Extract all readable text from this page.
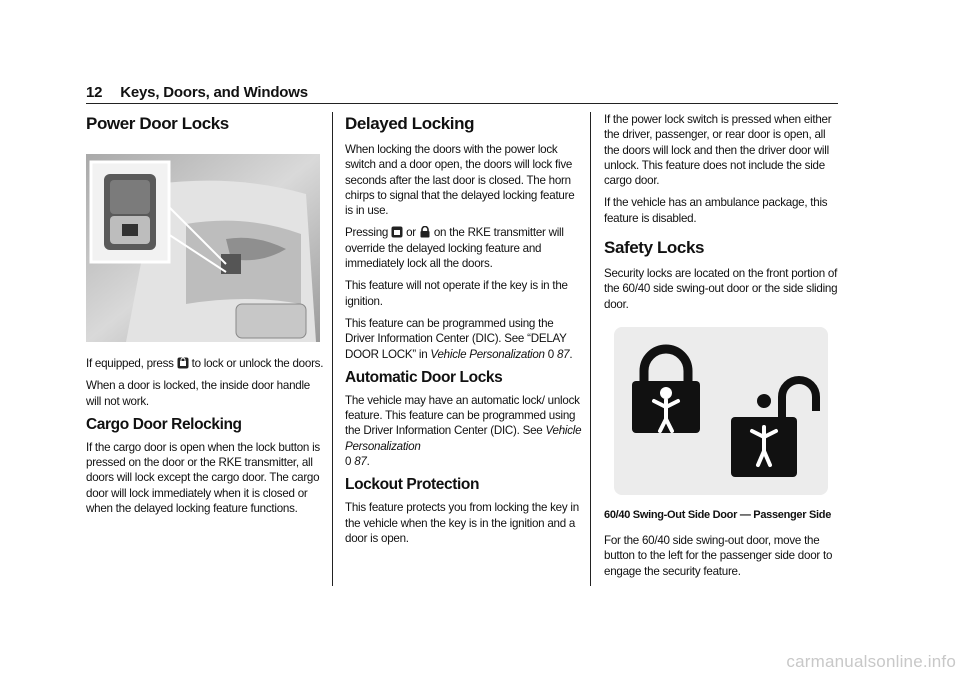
12 Keys, Doors, and Windows
Power Door Locks

If equipped, press to lock or unlock the doors.

When a door is locked, the inside door handle will not work.

Cargo Door Relocking

If the cargo door is open when the lock button is pressed on the door or the RKE transmitter, all doors will lock except the cargo door. The cargo door will lock immediately when it is closed or when the delayed locking feature functions.

Delayed Locking

When locking the doors with the power lock switch and a door open, the doors will lock five seconds after the last door is closed. The horn chirps to signal that the delayed locking feature is in use.

Pressing or on the RKE transmitter will override the delayed locking feature and immediately lock all the doors.

This feature will not operate if the key is in the ignition.

This feature can be programmed using the Driver Information Center (DIC). See “DELAY DOOR LOCK” in Vehicle Personalization 0 87.

Automatic Door Locks

The vehicle may have an automatic lock/ unlock feature. This feature can be programmed using the Driver Information Center (DIC). See Vehicle Personalization
0 87.

Lockout Protection

This feature protects you from locking the key in the vehicle when the key is in the ignition and a door is open.

If the power lock switch is pressed when either the driver, passenger, or rear door is open, all the doors will lock and then the driver door will unlock. This feature does not include the side cargo door.

If the vehicle has an ambulance package, this feature is disabled.

Safety Locks

Security locks are located on the front portion of the 60/40 side swing-out door or the side sliding door.

60/40 Swing-Out Side Door — Passenger Side

For the 60/40 side swing-out door, move the button to the left for the passenger side door to engage the security feature.

carmanualsonline.info
